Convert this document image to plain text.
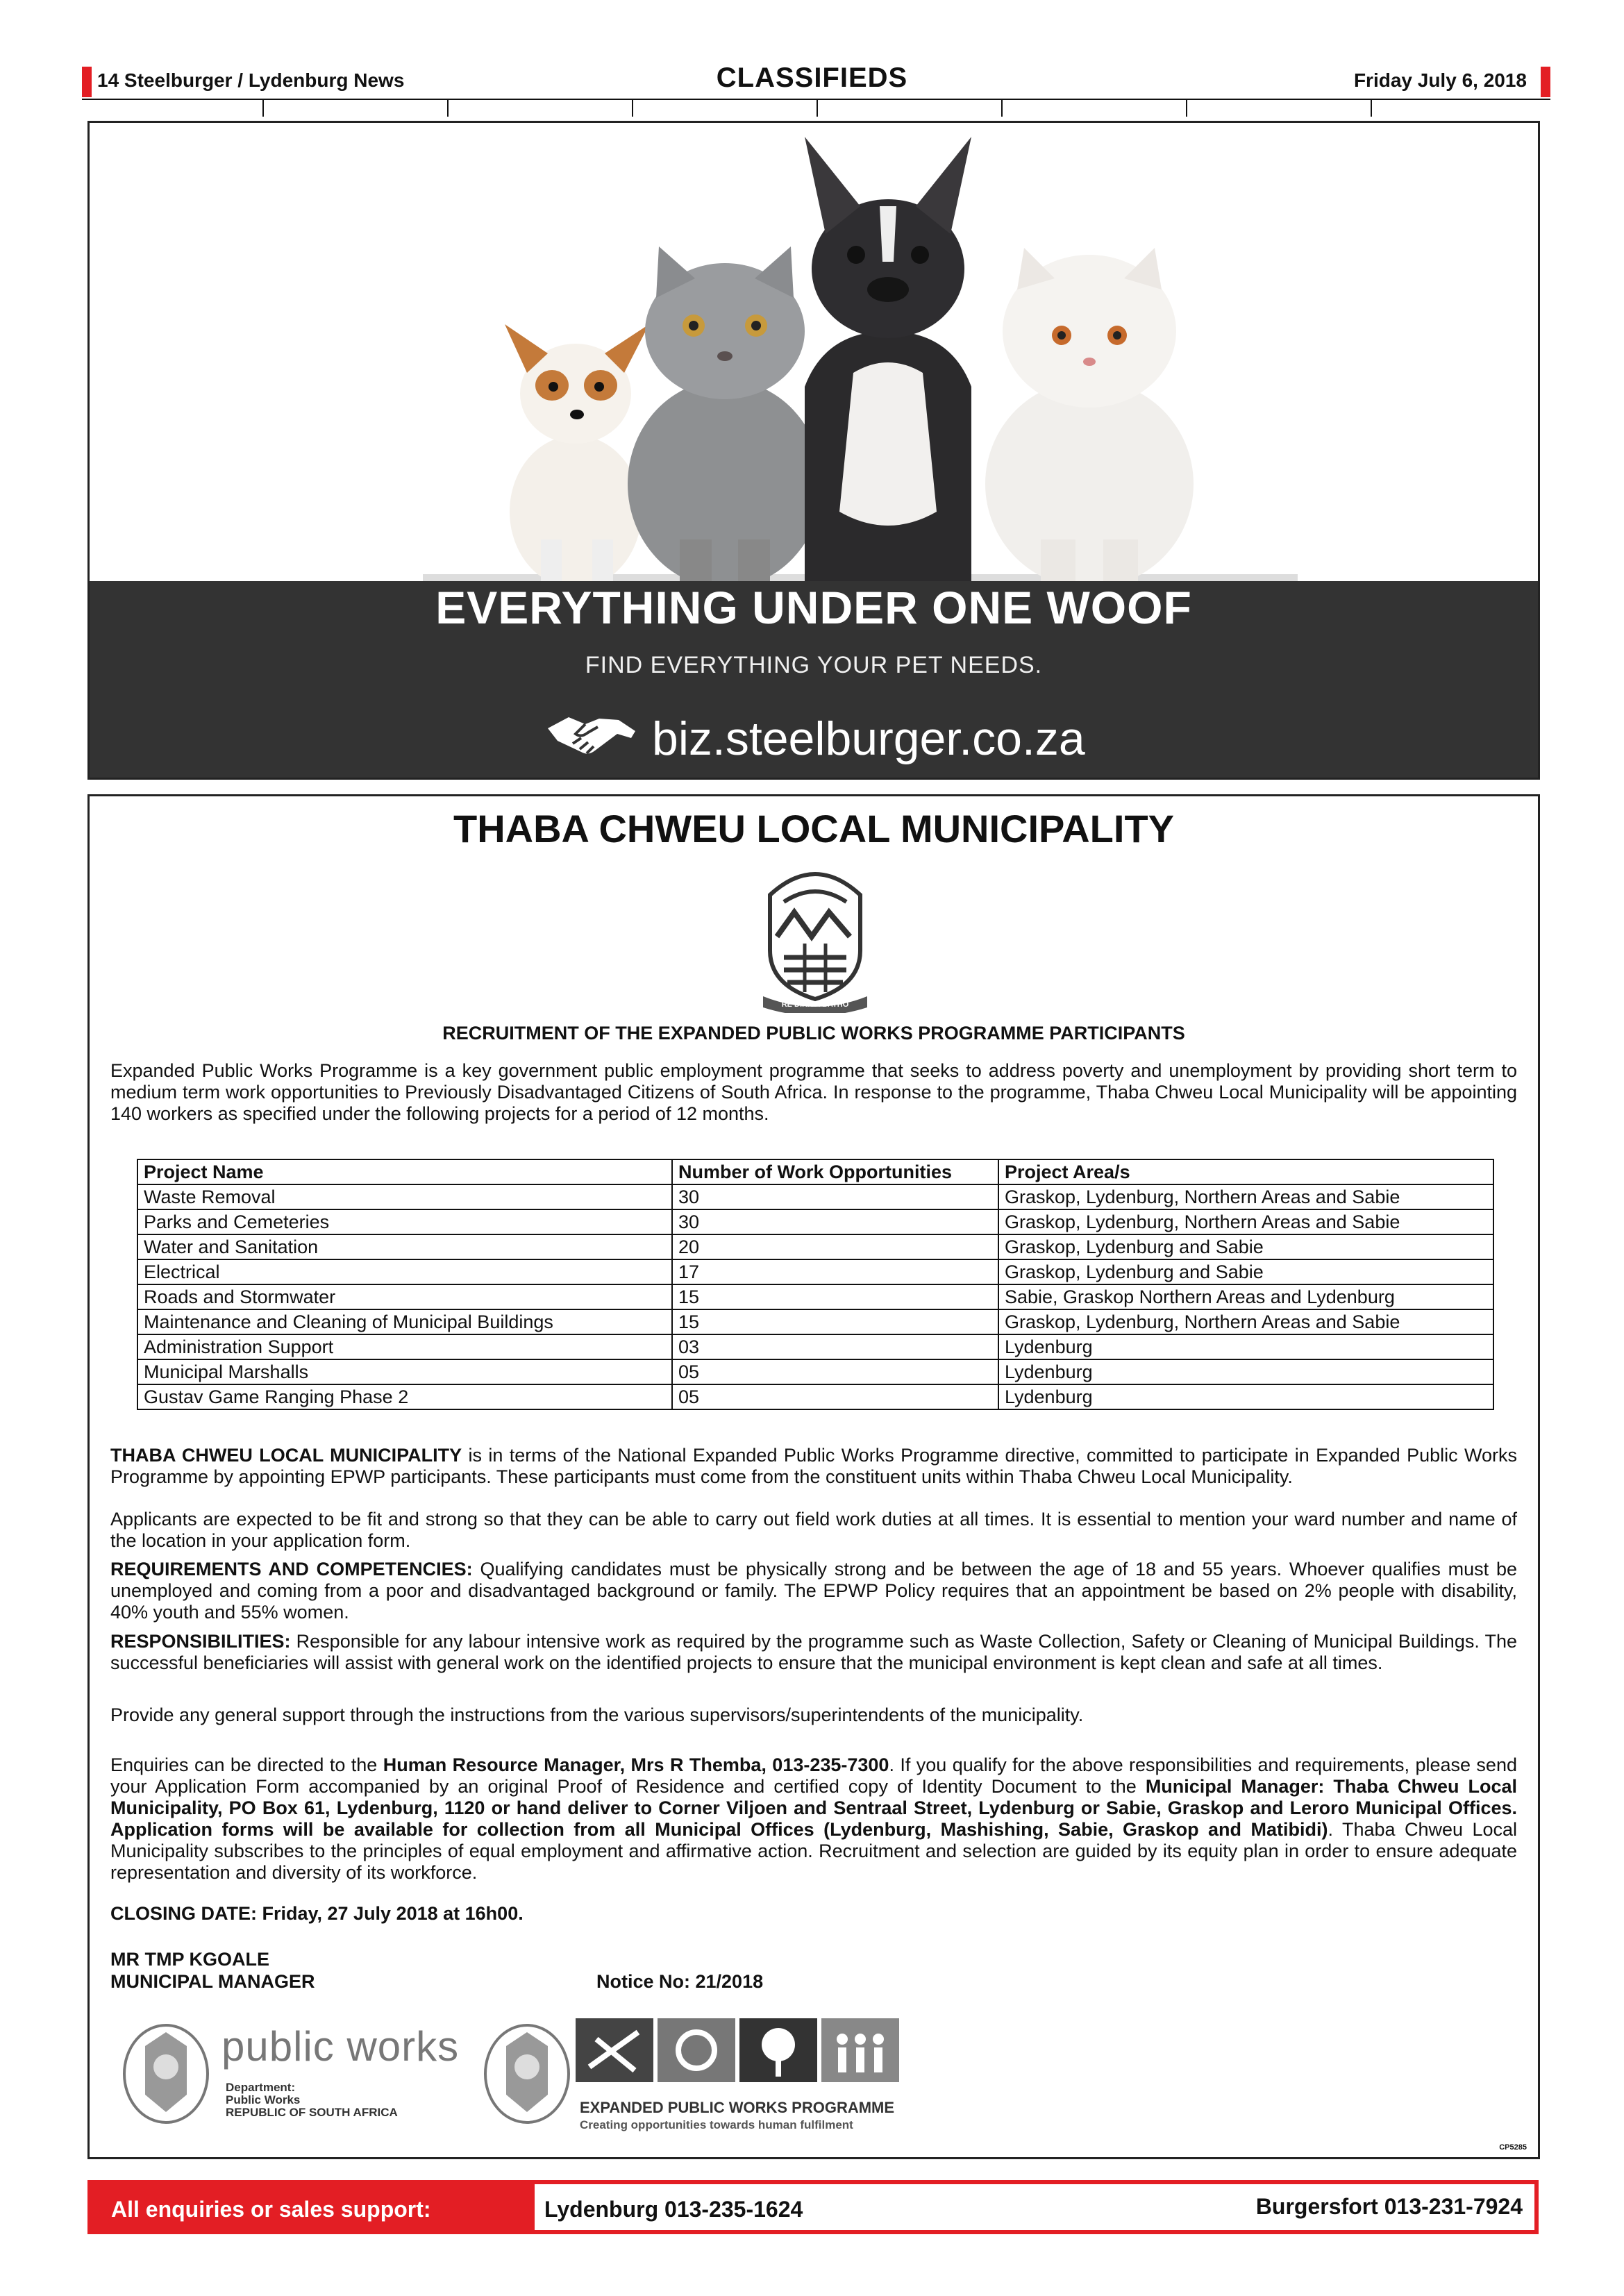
14 Steelburger / Lydenburg News	CLASSIFIEDS	Friday July 6, 2018
EVERYTHING UNDER ONE WOOF
FIND EVERYTHING YOUR PET NEEDS.
biz.steelburger.co.za
THABA CHWEU LOCAL MUNICIPALITY
RE DIRISA BATHO
RECRUITMENT OF THE EXPANDED PUBLIC WORKS PROGRAMME PARTICIPANTS
Expanded Public Works Programme is a key government public employment programme that seeks to address poverty and unemployment by providing short term to medium term work opportunities to Previously Disadvantaged Citizens of South Africa. In response to the programme, Thaba Chweu Local Municipality will be appointing 140 workers as specified under the following projects for a period of 12 months.
Project Name	Number of Work Opportunities	Project Area/s
Waste Removal	30	Graskop, Lydenburg, Northern Areas and Sabie
Parks and Cemeteries	30	Graskop, Lydenburg, Northern Areas and Sabie
Water and Sanitation	20	Graskop, Lydenburg and Sabie
Electrical	17	Graskop, Lydenburg and Sabie
Roads and Stormwater	15	Sabie, Graskop Northern Areas and Lydenburg
Maintenance and Cleaning of Municipal Buildings	15	Graskop, Lydenburg, Northern Areas and Sabie
Administration Support	03	Lydenburg
Municipal Marshalls	05	Lydenburg
Gustav Game Ranging Phase 2	05	Lydenburg
THABA CHWEU LOCAL MUNICIPALITY is in terms of the National Expanded Public Works Programme directive, committed to participate in Expanded Public Works Programme by appointing EPWP participants. These participants must come from the constituent units within Thaba Chweu Local Municipality.
Applicants are expected to be fit and strong so that they can be able to carry out field work duties at all times. It is essential to mention your ward number and name of the location in your application form.
REQUIREMENTS AND COMPETENCIES: Qualifying candidates must be physically strong and be between the age of 18 and 55 years. Whoever qualifies must be unemployed and coming from a poor and disadvantaged background or family. The EPWP Policy requires that an appointment be based on 2% people with disability, 40% youth and 55% women.
RESPONSIBILITIES: Responsible for any labour intensive work as required by the programme such as Waste Collection, Safety or Cleaning of Municipal Buildings. The successful beneficiaries will assist with general work on the identified projects to ensure that the municipal environment is kept clean and safe at all times.
Provide any general support through the instructions from the various supervisors/superintendents of the municipality.
Enquiries can be directed to the Human Resource Manager, Mrs R Themba, 013-235-7300. If you qualify for the above responsibilities and requirements, please send your Application Form accompanied by an original Proof of Residence and certified copy of Identity Document to the Municipal Manager: Thaba Chweu Local Municipality, PO Box 61, Lydenburg, 1120 or hand deliver to Corner Viljoen and Sentraal Street, Lydenburg or Sabie, Graskop and Leroro Municipal Offices. Application forms will be available for collection from all Municipal Offices (Lydenburg, Mashishing, Sabie, Graskop and Matibidi). Thaba Chweu Local Municipality subscribes to the principles of equal employment and affirmative action. Recruitment and selection are guided by its equity plan in order to ensure adequate representation and diversity of its workforce.
CLOSING DATE: Friday, 27 July 2018 at 16h00.
MR TMP KGOALE
MUNICIPAL MANAGER	Notice No: 21/2018
public works
Department:
Public Works
REPUBLIC OF SOUTH AFRICA	EXPANDED PUBLIC WORKS PROGRAMME
Creating opportunities towards human fulfilment
CP5285
All enquiries or sales support:	Lydenburg 013-235-1624	Burgersfort 013-231-7924
